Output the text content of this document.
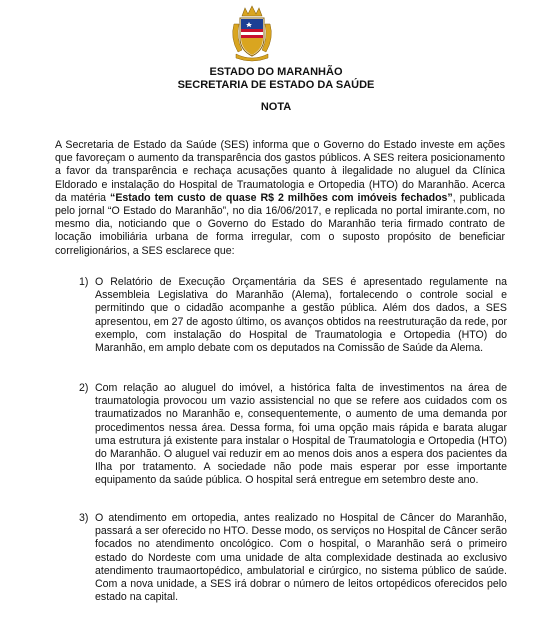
ESTADO DO MARANHÃO
SECRETARIA DE ESTADO DA SAÚDE
NOTA
A Secretaria de Estado da Saúde (SES) informa que o Governo do Estado investe em ações que favoreçam o aumento da transparência dos gastos públicos. A SES reitera posicionamento a favor da transparência e rechaça acusações quanto à ilegalidade no aluguel da Clínica Eldorado e instalação do Hospital de Traumatologia e Ortopedia (HTO) do Maranhão. Acerca da matéria “Estado tem custo de quase R$ 2 milhões com imóveis fechados”, publicada pelo jornal “O Estado do Maranhão”, no dia 16/06/2017, e replicada no portal imirante.com, no mesmo dia, noticiando que o Governo do Estado do Maranhão teria firmado contrato de locação imobiliária urbana de forma irregular, com o suposto propósito de beneficiar correligionários, a SES esclarece que:
1) O Relatório de Execução Orçamentária da SES é apresentado regulamente na Assembleia Legislativa do Maranhão (Alema), fortalecendo o controle social e permitindo que o cidadão acompanhe a gestão pública. Além dos dados, a SES apresentou, em 27 de agosto último, os avanços obtidos na reestruturação da rede, por exemplo, com instalação do Hospital de Traumatologia e Ortopedia (HTO) do Maranhão, em amplo debate com os deputados na Comissão de Saúde da Alema.
2) Com relação ao aluguel do imóvel, a histórica falta de investimentos na área de traumatologia provocou um vazio assistencial no que se refere aos cuidados com os traumatizados no Maranhão e, consequentemente, o aumento de uma demanda por procedimentos nessa área. Dessa forma, foi uma opção mais rápida e barata alugar uma estrutura já existente para instalar o Hospital de Traumatologia e Ortopedia (HTO) do Maranhão. O aluguel vai reduzir em ao menos dois anos a espera dos pacientes da Ilha por tratamento. A sociedade não pode mais esperar por esse importante equipamento da saúde pública. O hospital será entregue em setembro deste ano.
3) O atendimento em ortopedia, antes realizado no Hospital de Câncer do Maranhão, passará a ser oferecido no HTO. Desse modo, os serviços no Hospital de Câncer serão focados no atendimento oncológico. Com o hospital, o Maranhão será o primeiro estado do Nordeste com uma unidade de alta complexidade destinada ao exclusivo atendimento traumaortopédico, ambulatorial e cirúrgico, no sistema público de saúde. Com a nova unidade, a SES irá dobrar o número de leitos ortopédicos oferecidos pelo estado na capital.
